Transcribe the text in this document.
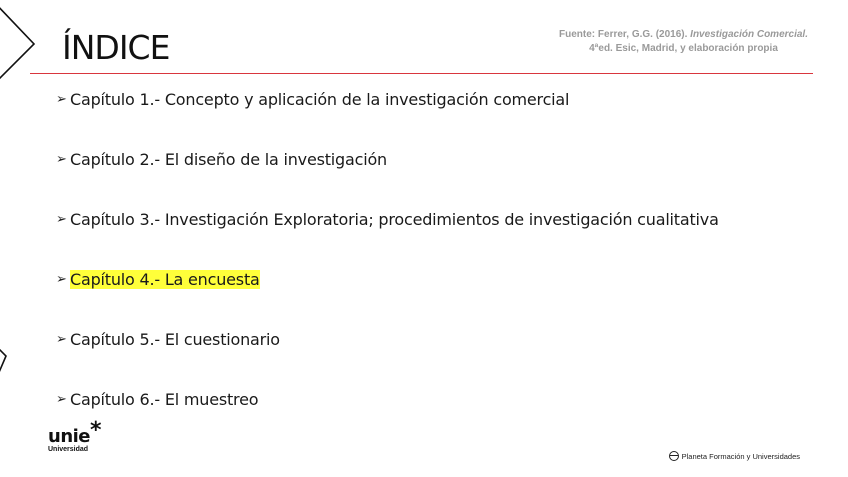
ÍNDICE	Fuente: Ferrer, G.G. (2016). Investigación Comercial.
4ªed. Esic, Madrid, y elaboración propia
➢ Capítulo 1.- Concepto y aplicación de la investigación comercial
➢ Capítulo 2.- El diseño de la investigación
➢ Capítulo 3.- Investigación Exploratoria; procedimientos de investigación cualitativa
➢ Capítulo 4.- La encuesta
➢ Capítulo 5.- El cuestionario
➢ Capítulo 6.- El muestreo
unie*
Universidad
Planeta Formación y Universidades
